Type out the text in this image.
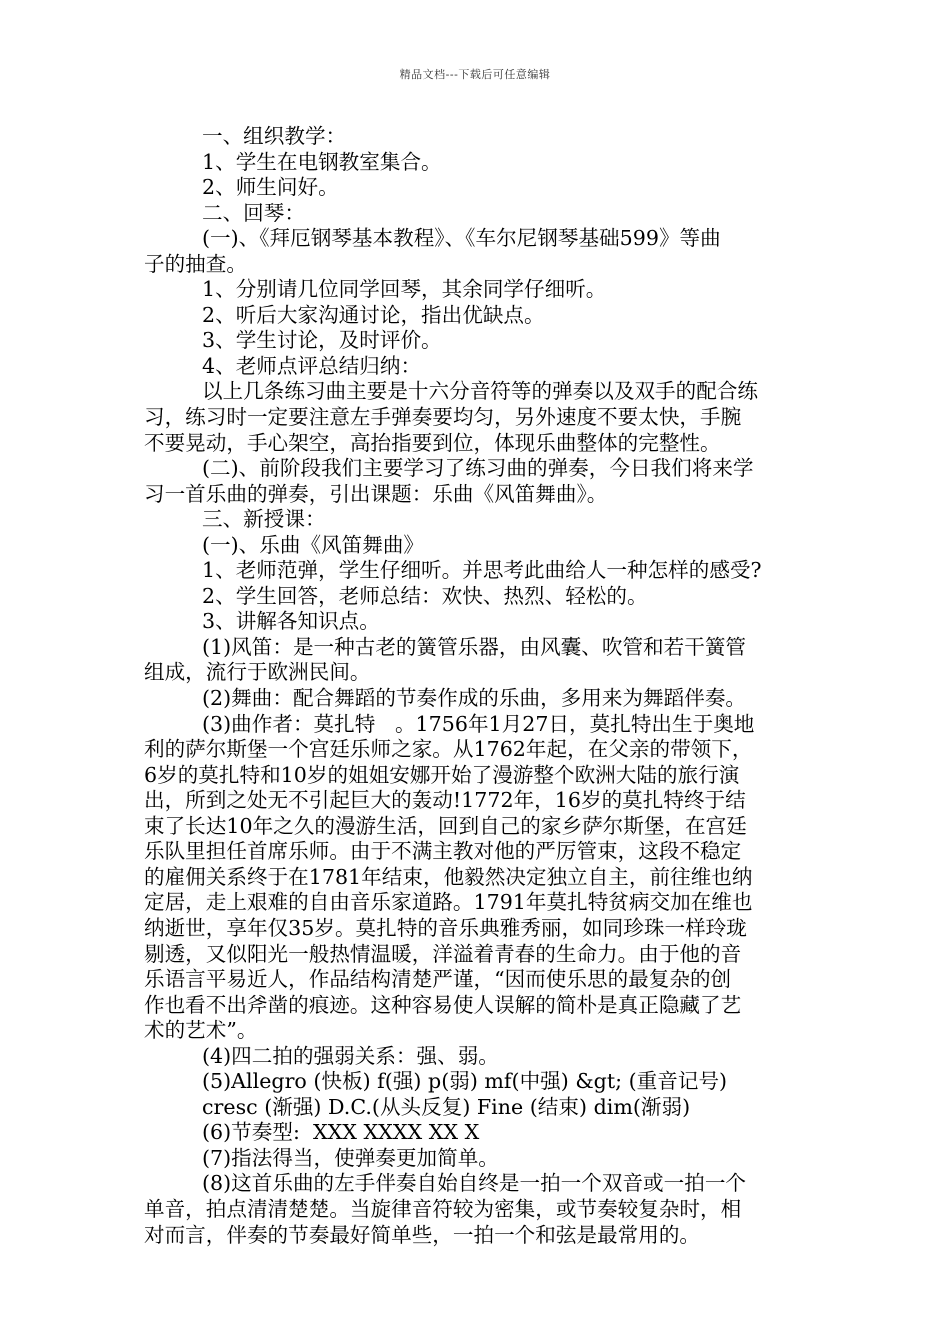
精品文档---下载后可任意编辑
一、组织教学：
1、学生在电钢教室集合。
2、师生问好。
二、回琴：
(一)、《拜厄钢琴基本教程》、《车尔尼钢琴基础599》等曲
子的抽查。
1、分别请几位同学回琴，其余同学仔细听。
2、听后大家沟通讨论，指出优缺点。
3、学生讨论，及时评价。
4、老师点评总结归纳：
以上几条练习曲主要是十六分音符等的弹奏以及双手的配合练
习，练习时一定要注意左手弹奏要均匀，另外速度不要太快，手腕
不要晃动，手心架空，高抬指要到位，体现乐曲整体的完整性。
(二)、前阶段我们主要学习了练习曲的弹奏，今日我们将来学
习一首乐曲的弹奏，引出课题：乐曲《风笛舞曲》。
三、新授课：
(一)、乐曲《风笛舞曲》
1、老师范弹，学生仔细听。并思考此曲给人一种怎样的感受?
2、学生回答，老师总结：欢快、热烈、轻松的。
3、讲解各知识点。
(1)风笛：是一种古老的簧管乐器，由风囊、吹管和若干簧管
组成，流行于欧洲民间。
(2)舞曲：配合舞蹈的节奏作成的乐曲，多用来为舞蹈伴奏。
(3)曲作者：莫扎特   。1756年1月27日，莫扎特出生于奥地
利的萨尔斯堡一个宫廷乐师之家。从1762年起，在父亲的带领下，
6岁的莫扎特和10岁的姐姐安娜开始了漫游整个欧洲大陆的旅行演
出，所到之处无不引起巨大的轰动!1772年，16岁的莫扎特终于结
束了长达10年之久的漫游生活，回到自己的家乡萨尔斯堡，在宫廷
乐队里担任首席乐师。由于不满主教对他的严厉管束，这段不稳定
的雇佣关系终于在1781年结束，他毅然决定独立自主，前往维也纳
定居，走上艰难的自由音乐家道路。1791年莫扎特贫病交加在维也
纳逝世，享年仅35岁。莫扎特的音乐典雅秀丽，如同珍珠一样玲珑
剔透，又似阳光一般热情温暖，洋溢着青春的生命力。由于他的音
乐语言平易近人，作品结构清楚严谨，“因而使乐思的最复杂的创
作也看不出斧凿的痕迹。这种容易使人误解的简朴是真正隐藏了艺
术的艺术”。
(4)四二拍的强弱关系：强、弱。
(5)Allegro (快板) f(强) p(弱) mf(中强) &gt; (重音记号)
cresc (渐强) D.C.(从头反复) Fine (结束) dim(渐弱)
(6)节奏型:  XXX XXXX XX X
(7)指法得当，使弹奏更加简单。
(8)这首乐曲的左手伴奏自始自终是一拍一个双音或一拍一个
单音，拍点清清楚楚。当旋律音符较为密集，或节奏较复杂时，相
对而言，伴奏的节奏最好简单些，一拍一个和弦是最常用的。
